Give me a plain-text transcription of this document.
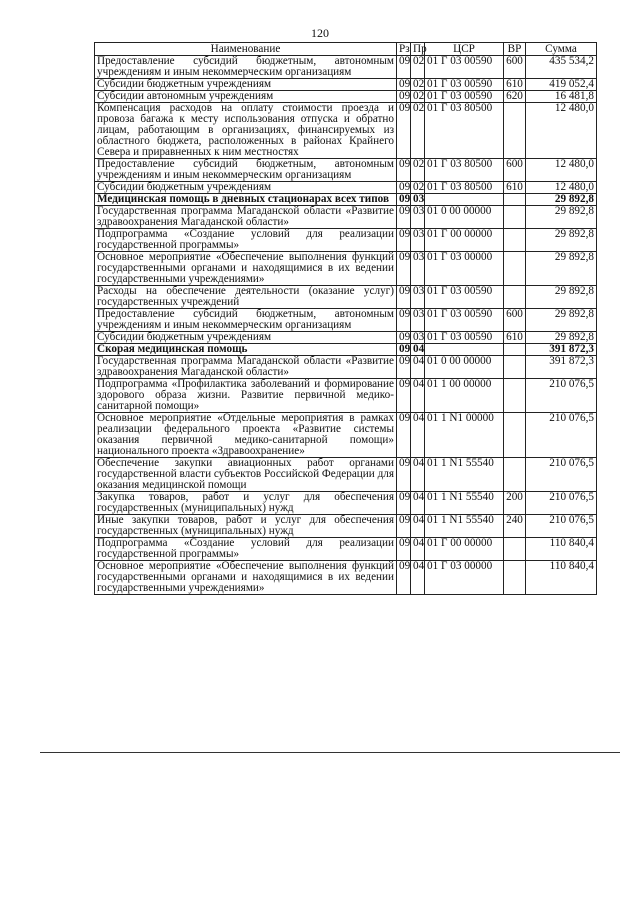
120
Наименование	Рз	Пр	ЦСР	ВР	Сумма
Предоставление субсидий бюджетным, автономным учреждениям и иным некоммерческим организациям	09	02	01 Г 03 00590	600	435 534,2
Субсидии бюджетным учреждениям	09	02	01 Г 03 00590	610	419 052,4
Субсидии автономным учреждениям	09	02	01 Г 03 00590	620	16 481,8
Компенсация расходов на оплату стоимости проезда и провоза багажа к месту использования отпуска и обратно лицам, работающим в организациях, финансируемых из областного бюджета, расположенных в районах Крайнего Севера и приравненных к ним местностях	09	02	01 Г 03 80500		12 480,0
Предоставление субсидий бюджетным, автономным учреждениям и иным некоммерческим организациям	09	02	01 Г 03 80500	600	12 480,0
Субсидии бюджетным учреждениям	09	02	01 Г 03 80500	610	12 480,0
Медицинская помощь в дневных стационарах всех типов	09	03			29 892,8
Государственная программа Магаданской области «Развитие здравоохранения Магаданской области»	09	03	01 0 00 00000		29 892,8
Подпрограмма «Создание условий для реализации государственной программы»	09	03	01 Г 00 00000		29 892,8
Основное мероприятие «Обеспечение выполнения функций государственными органами и находящимися в их ведении государственными учреждениями»	09	03	01 Г 03 00000		29 892,8
Расходы на обеспечение деятельности (оказание услуг) государственных учреждений	09	03	01 Г 03 00590		29 892,8
Предоставление субсидий бюджетным, автономным учреждениям и иным некоммерческим организациям	09	03	01 Г 03 00590	600	29 892,8
Субсидии бюджетным учреждениям	09	03	01 Г 03 00590	610	29 892,8
Скорая медицинская помощь	09	04			391 872,3
Государственная программа Магаданской области «Развитие здравоохранения Магаданской области»	09	04	01 0 00 00000		391 872,3
Подпрограмма «Профилактика заболеваний и формирование здорового образа жизни. Развитие первичной медико-санитарной помощи»	09	04	01 1 00 00000		210 076,5
Основное мероприятие «Отдельные мероприятия в рамках реализации федерального проекта «Развитие системы оказания первичной медико-санитарной помощи» национального проекта «Здравоохранение»	09	04	01 1 N1 00000		210 076,5
Обеспечение закупки авиационных работ органами государственной власти субъектов Российской Федерации для оказания медицинской помощи	09	04	01 1 N1 55540		210 076,5
Закупка товаров, работ и услуг для обеспечения государственных (муниципальных) нужд	09	04	01 1 N1 55540	200	210 076,5
Иные закупки товаров, работ и услуг для обеспечения государственных (муниципальных) нужд	09	04	01 1 N1 55540	240	210 076,5
Подпрограмма «Создание условий для реализации государственной программы»	09	04	01 Г 00 00000		110 840,4
Основное мероприятие «Обеспечение выполнения функций государственными органами и находящимися в их ведении государственными учреждениями»	09	04	01 Г 03 00000		110 840,4
